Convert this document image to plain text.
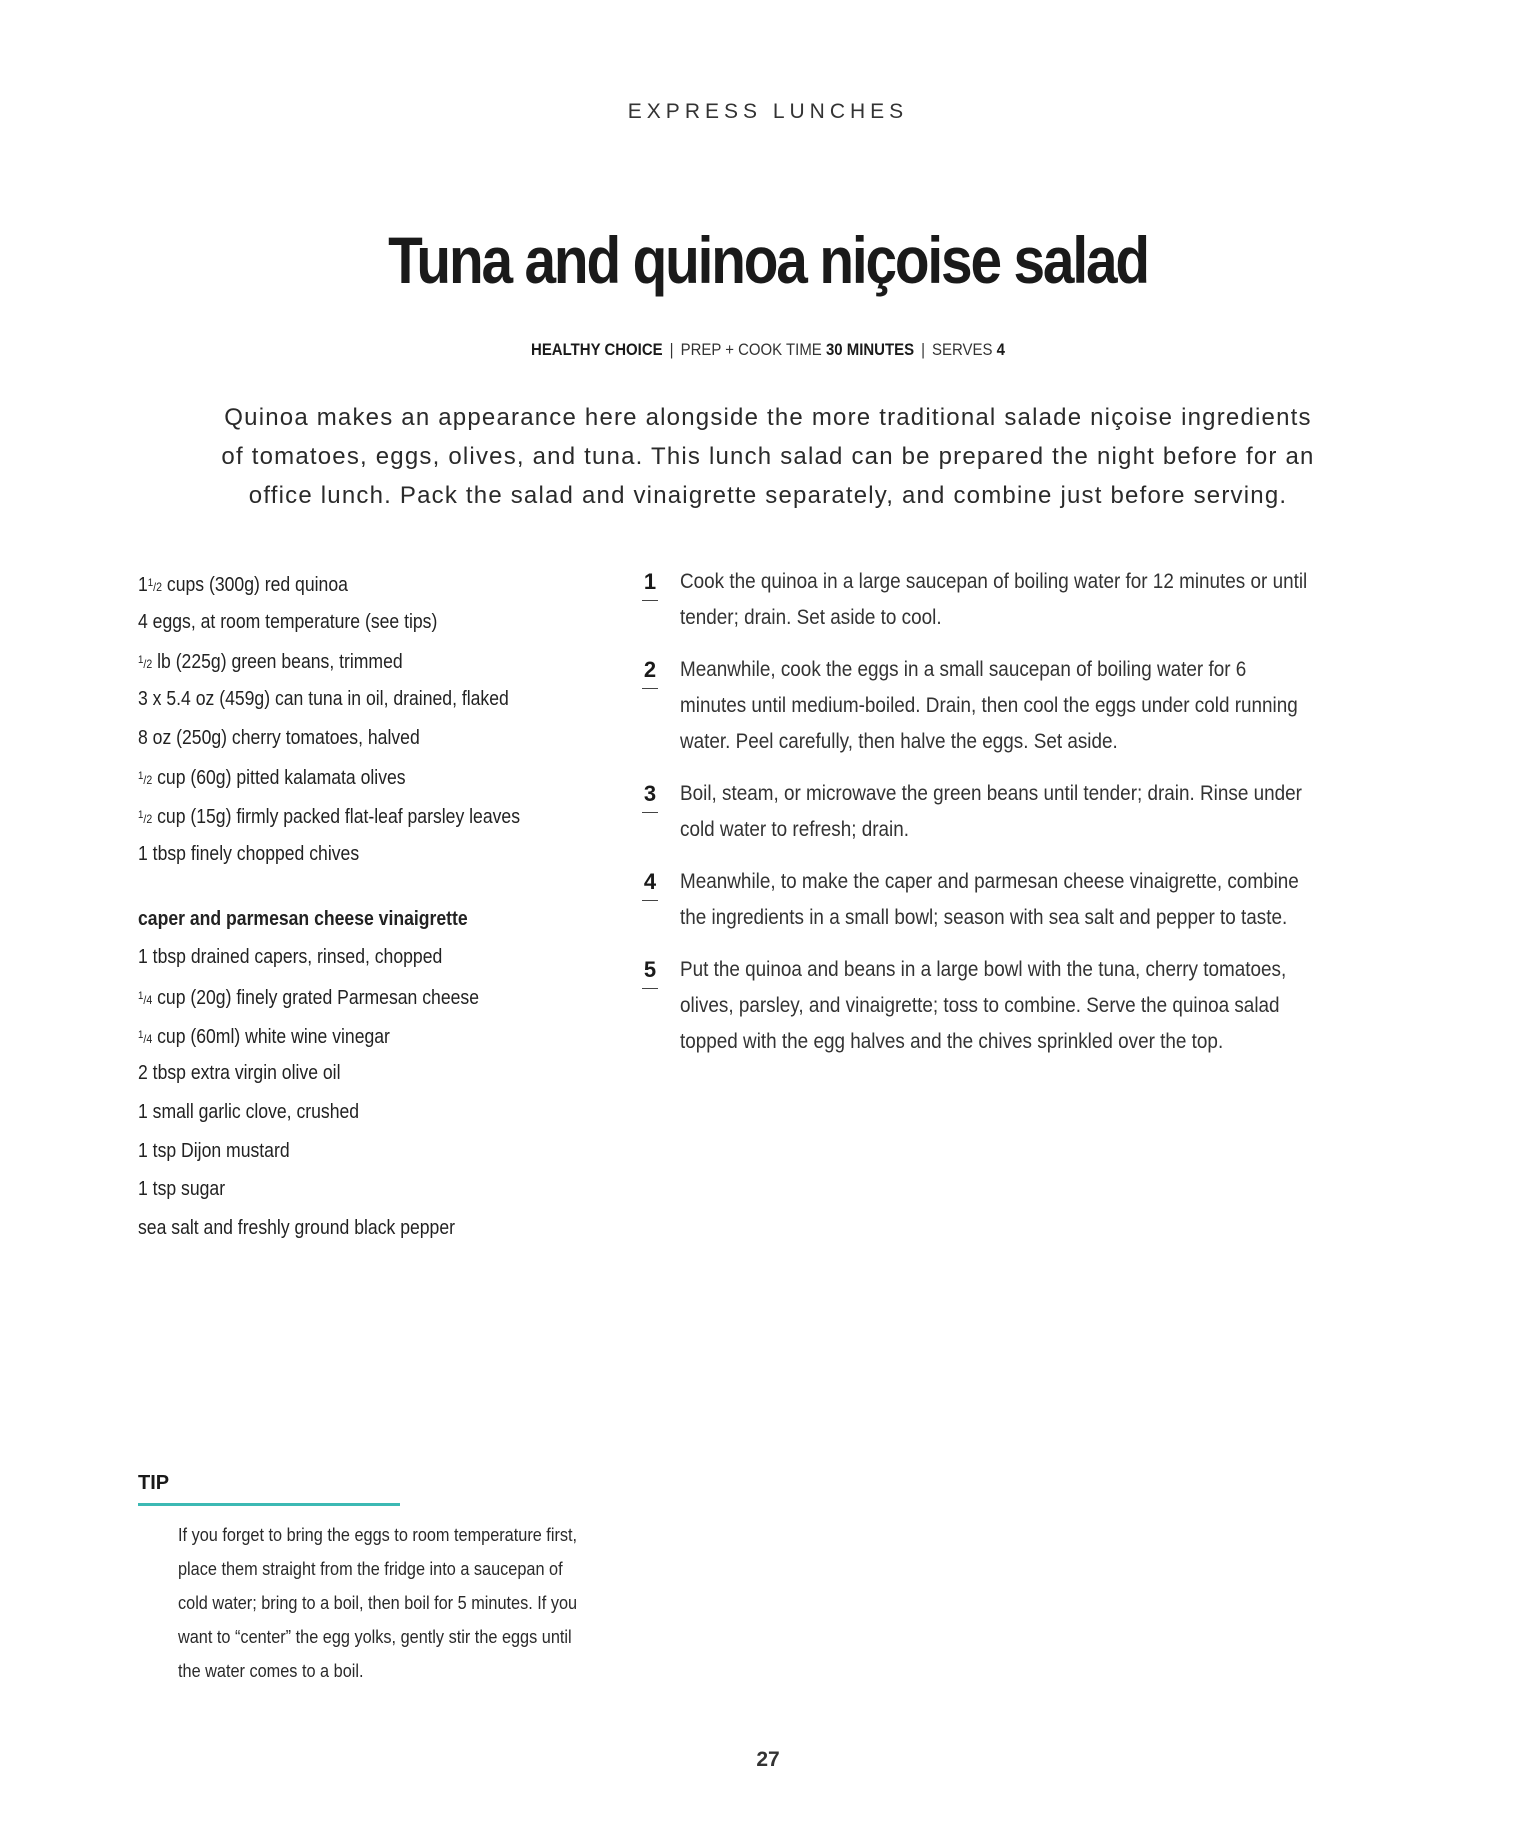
EXPRESS LUNCHES
Tuna and quinoa niçoise salad
HEALTHY CHOICE | PREP + COOK TIME 30 MINUTES | SERVES 4
Quinoa makes an appearance here alongside the more traditional salade niçoise ingredients of tomatoes, eggs, olives, and tuna. This lunch salad can be prepared the night before for an office lunch. Pack the salad and vinaigrette separately, and combine just before serving.
$1^1/2$ cups (300g) red quinoa
4 eggs, at room temperature (see tips)
$^1$/2 lb (225g) green beans, trimmed
3 x 5.4 oz (459g) can tuna in oil, drained, flaked
8 oz (250g) cherry tomatoes, halved
$^1$/2 cup (60g) pitted kalamata olives
$^1$/2 cup (15g) firmly packed flat-leaf parsley leaves
1 tbsp finely chopped chives
caper and parmesan cheese vinaigrette
1 tbsp drained capers, rinsed, chopped
$^1$/4 cup (20g) finely grated Parmesan cheese
$^1$/4 cup (60ml) white wine vinegar
2 tbsp extra virgin olive oil
1 small garlic clove, crushed
1 tsp Dijon mustard
1 tsp sugar
sea salt and freshly ground black pepper
1 Cook the quinoa in a large saucepan of boiling water for 12 minutes or until tender; drain. Set aside to cool.
2 Meanwhile, cook the eggs in a small saucepan of boiling water for 6 minutes until medium-boiled. Drain, then cool the eggs under cold running water. Peel carefully, then halve the eggs. Set aside.
3 Boil, steam, or microwave the green beans until tender; drain. Rinse under cold water to refresh; drain.
4 Meanwhile, to make the caper and parmesan cheese vinaigrette, combine the ingredients in a small bowl; season with sea salt and pepper to taste.
5 Put the quinoa and beans in a large bowl with the tuna, cherry tomatoes, olives, parsley, and vinaigrette; toss to combine. Serve the quinoa salad topped with the egg halves and the chives sprinkled over the top.
TIP
If you forget to bring the eggs to room temperature first, place them straight from the fridge into a saucepan of cold water; bring to a boil, then boil for 5 minutes. If you want to “center” the egg yolks, gently stir the eggs until the water comes to a boil.
27
